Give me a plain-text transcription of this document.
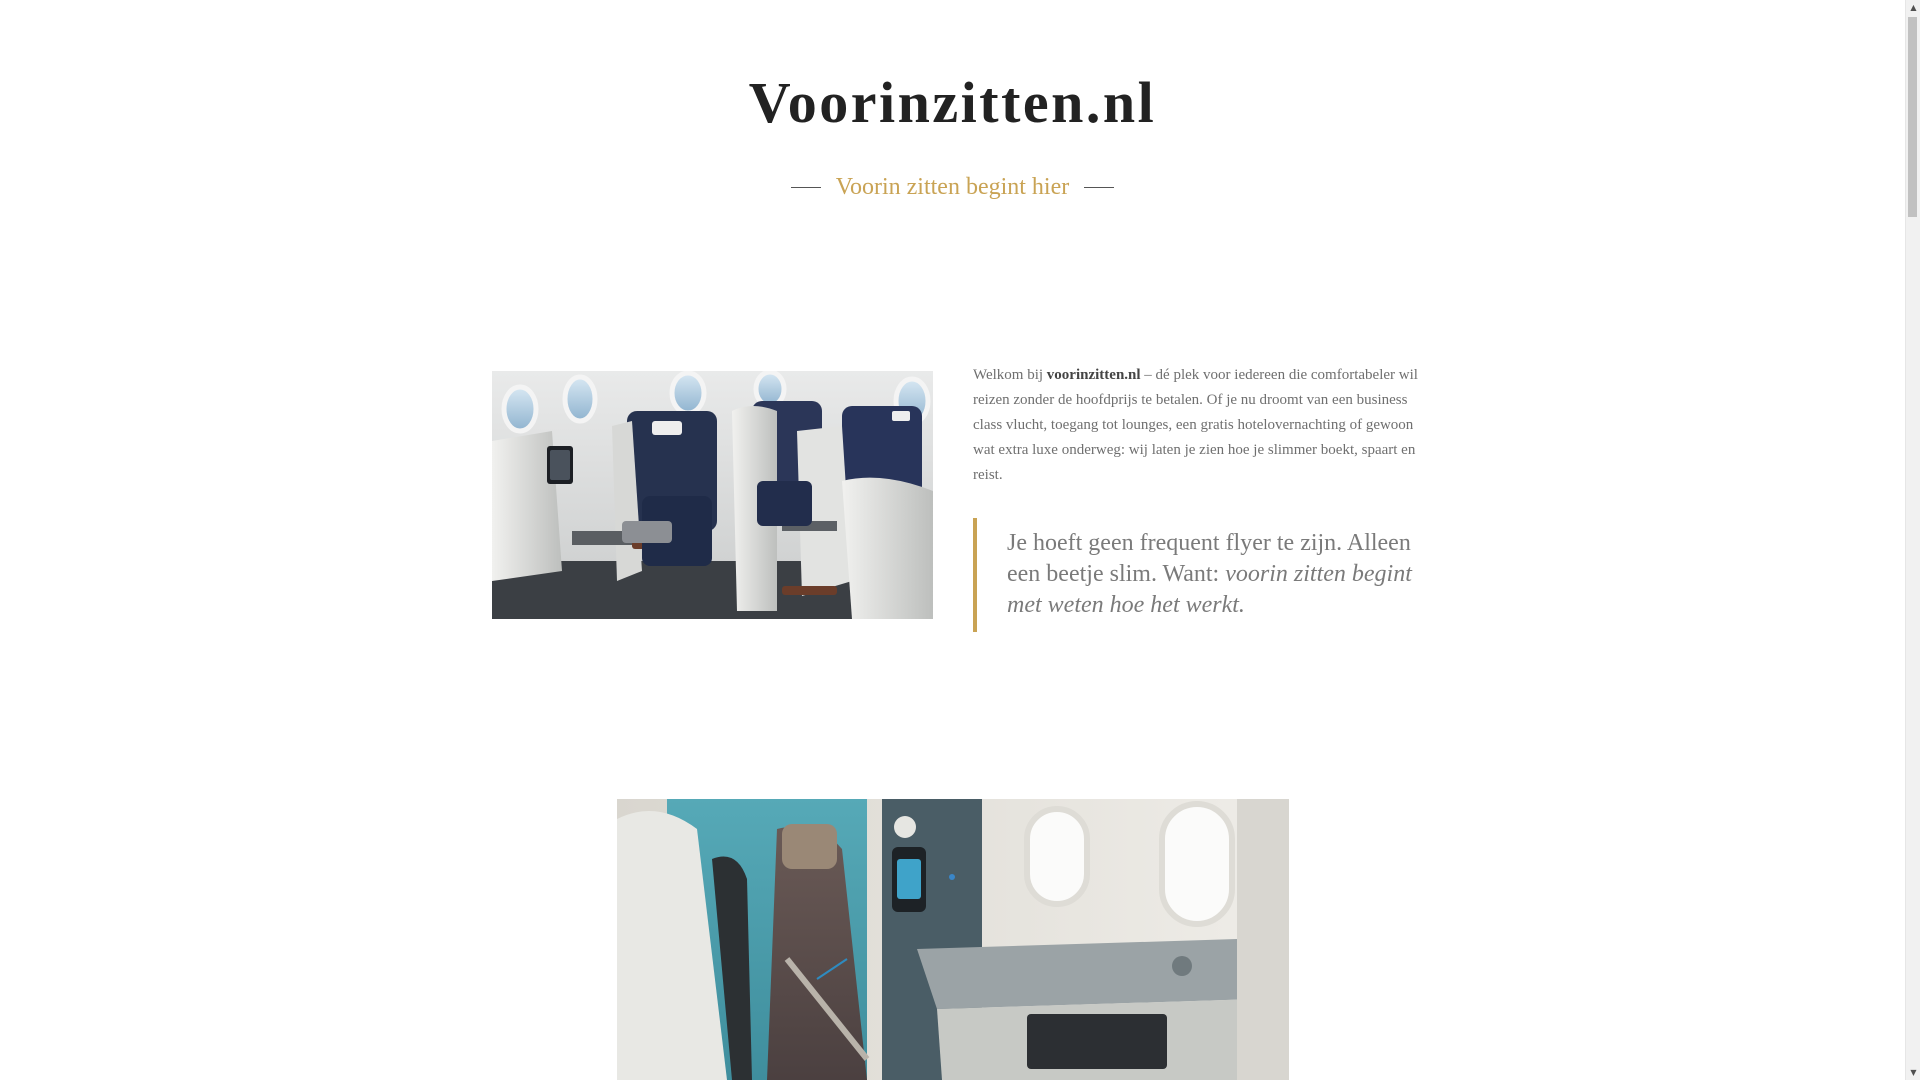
Voorinzitten.nl
Voorin zitten begint hier

Welkom bij voorinzitten.nl – dé plek voor iedereen die comfortabeler wil reizen zonder de hoofdprijs te betalen. Of je nu droomt van een business class vlucht, toegang tot lounges, een gratis hotelovernachting of gewoon wat extra luxe onderweg: wij laten je zien hoe je slimmer boekt, spaart en reist.

Je hoeft geen frequent flyer te zijn. Alleen een beetje slim. Want: voorin zitten begint met weten hoe het werkt.
▲
▼
